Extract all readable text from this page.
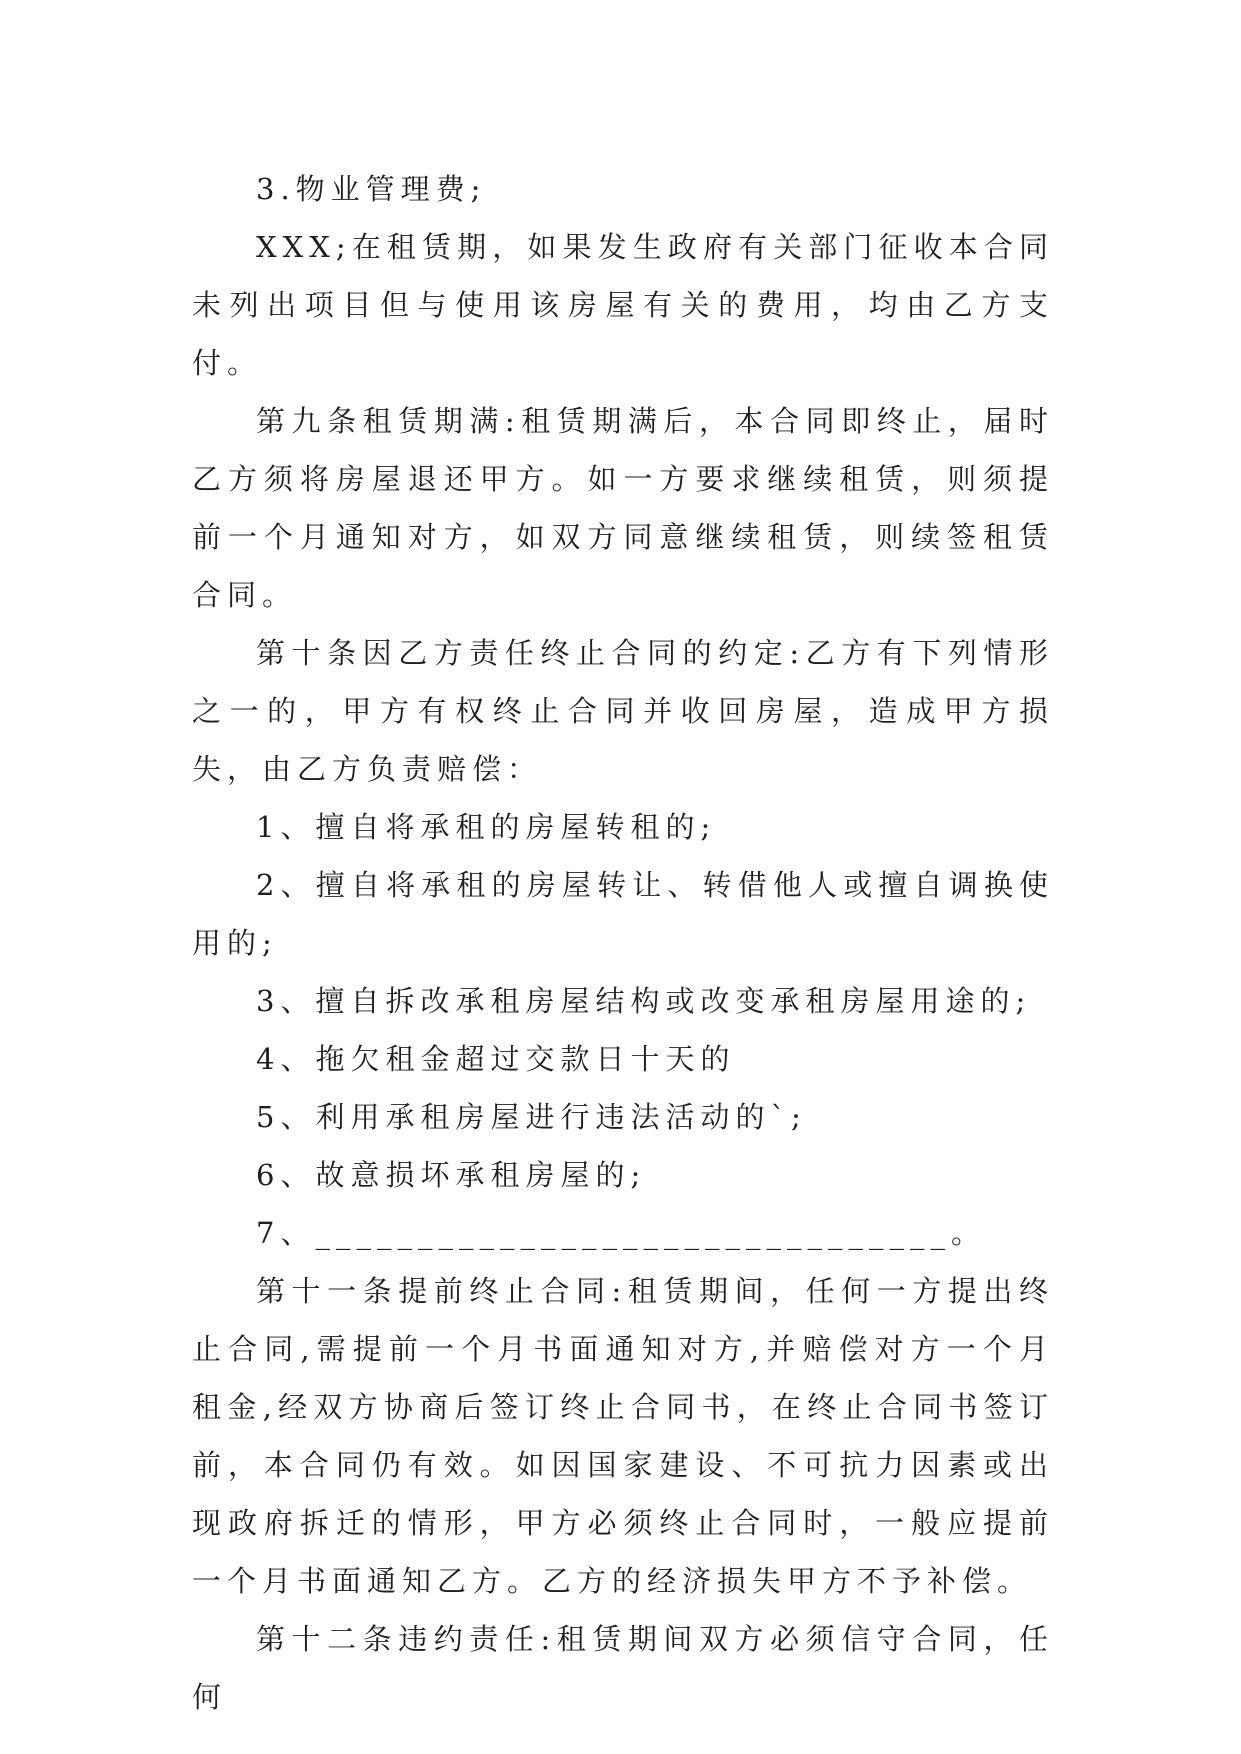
3.物业管理费;

XXX;在租赁期，如果发生政府有关部门征收本合同未列出项目但与使用该房屋有关的费用，均由乙方支付。

第九条租赁期满:租赁期满后，本合同即终止，届时乙方须将房屋退还甲方。如一方要求继续租赁，则须提前一个月通知对方，如双方同意继续租赁，则续签租赁合同。

第十条因乙方责任终止合同的约定:乙方有下列情形之一的，甲方有权终止合同并收回房屋，造成甲方损失，由乙方负责赔偿：

1、擅自将承租的房屋转租的;

2、擅自将承租的房屋转让、转借他人或擅自调换使用的;

3、擅自拆改承租房屋结构或改变承租房屋用途的;

4、拖欠租金超过交款日十天的

5、利用承租房屋进行违法活动的`;

6、故意损坏承租房屋的;

7、_______________________________。

第十一条提前终止合同:租赁期间，任何一方提出终止合同,需提前一个月书面通知对方,并赔偿对方一个月租金,经双方协商后签订终止合同书，在终止合同书签订前，本合同仍有效。如因国家建设、不可抗力因素或出现政府拆迁的情形，甲方必须终止合同时，一般应提前一个月书面通知乙方。乙方的经济损失甲方不予补偿。

第十二条违约责任:租赁期间双方必须信守合同，任何
